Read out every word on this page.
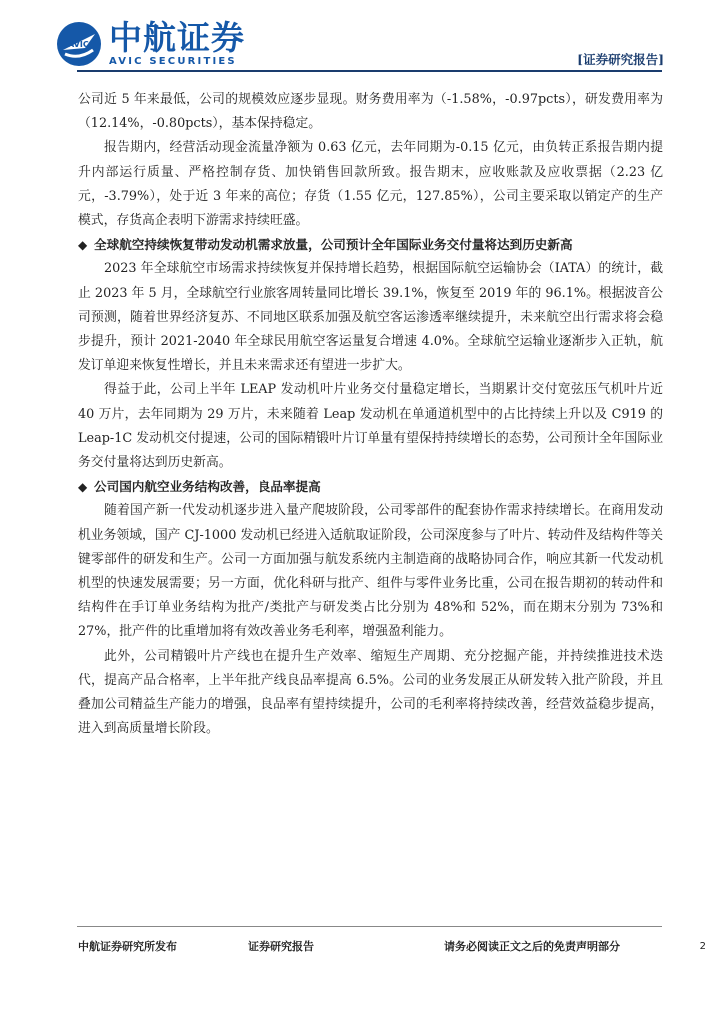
AVIC 中航证券
AVIC SECURITIES	[证券研究报告]

公司近 5 年来最低，公司的规模效应逐步显现。财务费用率为（-1.58%，-0.97pcts），研发费用率为（12.14%，-0.80pcts），基本保持稳定。

报告期内，经营活动现金流量净额为 0.63 亿元，去年同期为-0.15 亿元，由负转正系报告期内提升内部运行质量、严格控制存货、加快销售回款所致。报告期末，应收账款及应收票据（2.23 亿元，-3.79%），处于近 3 年来的高位；存货（1.55 亿元，127.85%），公司主要采取以销定产的生产模式，存货高企表明下游需求持续旺盛。

◆ 全球航空持续恢复带动发动机需求放量，公司预计全年国际业务交付量将达到历史新高

2023 年全球航空市场需求持续恢复并保持增长趋势，根据国际航空运输协会（IATA）的统计，截止 2023 年 5 月，全球航空行业旅客周转量同比增长 39.1%，恢复至 2019 年的 96.1%。根据波音公司预测，随着世界经济复苏、不同地区联系加强及航空客运渗透率继续提升，未来航空出行需求将会稳步提升，预计 2021-2040 年全球民用航空客运量复合增速 4.0%。全球航空运输业逐渐步入正轨，航发订单迎来恢复性增长，并且未来需求还有望进一步扩大。

得益于此，公司上半年 LEAP 发动机叶片业务交付量稳定增长，当期累计交付宽弦压气机叶片近 40 万片，去年同期为 29 万片，未来随着 Leap 发动机在单通道机型中的占比持续上升以及 C919 的 Leap-1C 发动机交付提速，公司的国际精锻叶片订单量有望保持持续增长的态势，公司预计全年国际业务交付量将达到历史新高。

◆ 公司国内航空业务结构改善，良品率提高

随着国产新一代发动机逐步进入量产爬坡阶段，公司零部件的配套协作需求持续增长。在商用发动机业务领域，国产 CJ-1000 发动机已经进入适航取证阶段，公司深度参与了叶片、转动件及结构件等关键零部件的研发和生产。公司一方面加强与航发系统内主制造商的战略协同合作，响应其新一代发动机机型的快速发展需要；另一方面，优化科研与批产、组件与零件业务比重，公司在报告期初的转动件和结构件在手订单业务结构为批产/类批产与研发类占比分别为 48%和 52%，而在期末分别为 73%和 27%，批产件的比重增加将有效改善业务毛利率，增强盈利能力。

此外，公司精锻叶片产线也在提升生产效率、缩短生产周期、充分挖掘产能，并持续推进技术迭代，提高产品合格率，上半年批产线良品率提高 6.5%。公司的业务发展正从研发转入批产阶段，并且叠加公司精益生产能力的增强，良品率有望持续提升，公司的毛利率将持续改善，经营效益稳步提高，进入到高质量增长阶段。

中航证券研究所发布	证券研究报告	请务必阅读正文之后的免责声明部分	2
